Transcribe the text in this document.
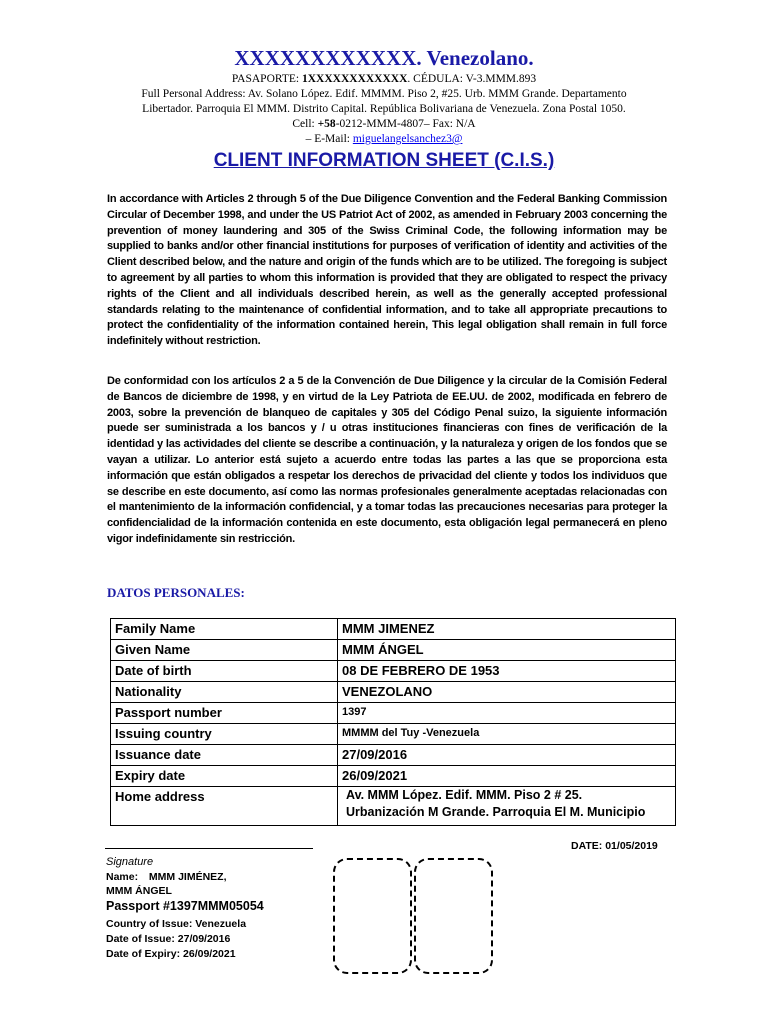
XXXXXXXXXXXX. Venezolano.
PASAPORTE: 1XXXXXXXXXXXX. CÉDULA: V-3.MMM.893
Full Personal Address: Av. Solano López. Edif. MMMM. Piso 2, #25. Urb. MMM Grande. Departamento
Libertador. Parroquia El MMM. Distrito Capital. República Bolivariana de Venezuela. Zona Postal 1050.
Cell: +58-0212-MMM-4807– Fax: N/A
– E-Mail: miguelangelsanchez3@
CLIENT INFORMATION SHEET (C.I.S.)
In accordance with Articles 2 through 5 of the Due Diligence Convention and the Federal Banking Commission Circular of December 1998, and under the US Patriot Act of 2002, as amended in February 2003 concerning the prevention of money laundering and 305 of the Swiss Criminal Code, the following information may be supplied to banks and/or other financial institutions for purposes of verification of identity and activities of the Client described below, and the nature and origin of the funds which are to be utilized. The foregoing is subject to agreement by all parties to whom this information is provided that they are obligated to respect the privacy rights of the Client and all individuals described herein, as well as the generally accepted professional standards relating to the maintenance of confidential information, and to take all appropriate precautions to protect the confidentiality of the information contained herein, This legal obligation shall remain in full force indefinitely without restriction.
De conformidad con los artículos 2 a 5 de la Convención de Due Diligence y la circular de la Comisión Federal de Bancos de diciembre de 1998, y en virtud de la Ley Patriota de EE.UU. de 2002, modificada en febrero de 2003, sobre la prevención de blanqueo de capitales y 305 del Código Penal suizo, la siguiente información puede ser suministrada a los bancos y / u otras instituciones financieras con fines de verificación de la identidad y las actividades del cliente se describe a continuación, y la naturaleza y origen de los fondos que se vayan a utilizar. Lo anterior está sujeto a acuerdo entre todas las partes a las que se proporciona esta información que están obligados a respetar los derechos de privacidad del cliente y todos los individuos que se describe en este documento, así como las normas profesionales generalmente aceptadas relacionadas con el mantenimiento de la información confidencial, y a tomar todas las precauciones necesarias para proteger la confidencialidad de la información contenida en este documento, esta obligación legal permanecerá en pleno vigor indefinidamente sin restricción.
DATOS PERSONALES:
Family Name	MMM JIMENEZ
Given Name	MMM ÁNGEL
Date of birth	08 DE FEBRERO DE 1953
Nationality	VENEZOLANO
Passport number	1397
Issuing country	MMMM del Tuy -Venezuela
Issuance date	27/09/2016
Expiry date	26/09/2021
Home address	Av. MMM López. Edif. MMM. Piso 2 # 25.
Urbanización M Grande. Parroquia El M. Municipio
Signature
DATE: 01/05/2019
Name: MMM JIMÉNEZ,
MMM ÁNGEL
Passport #1397MMM05054
Country of Issue: Venezuela
Date of Issue: 27/09/2016
Date of Expiry: 26/09/2021
